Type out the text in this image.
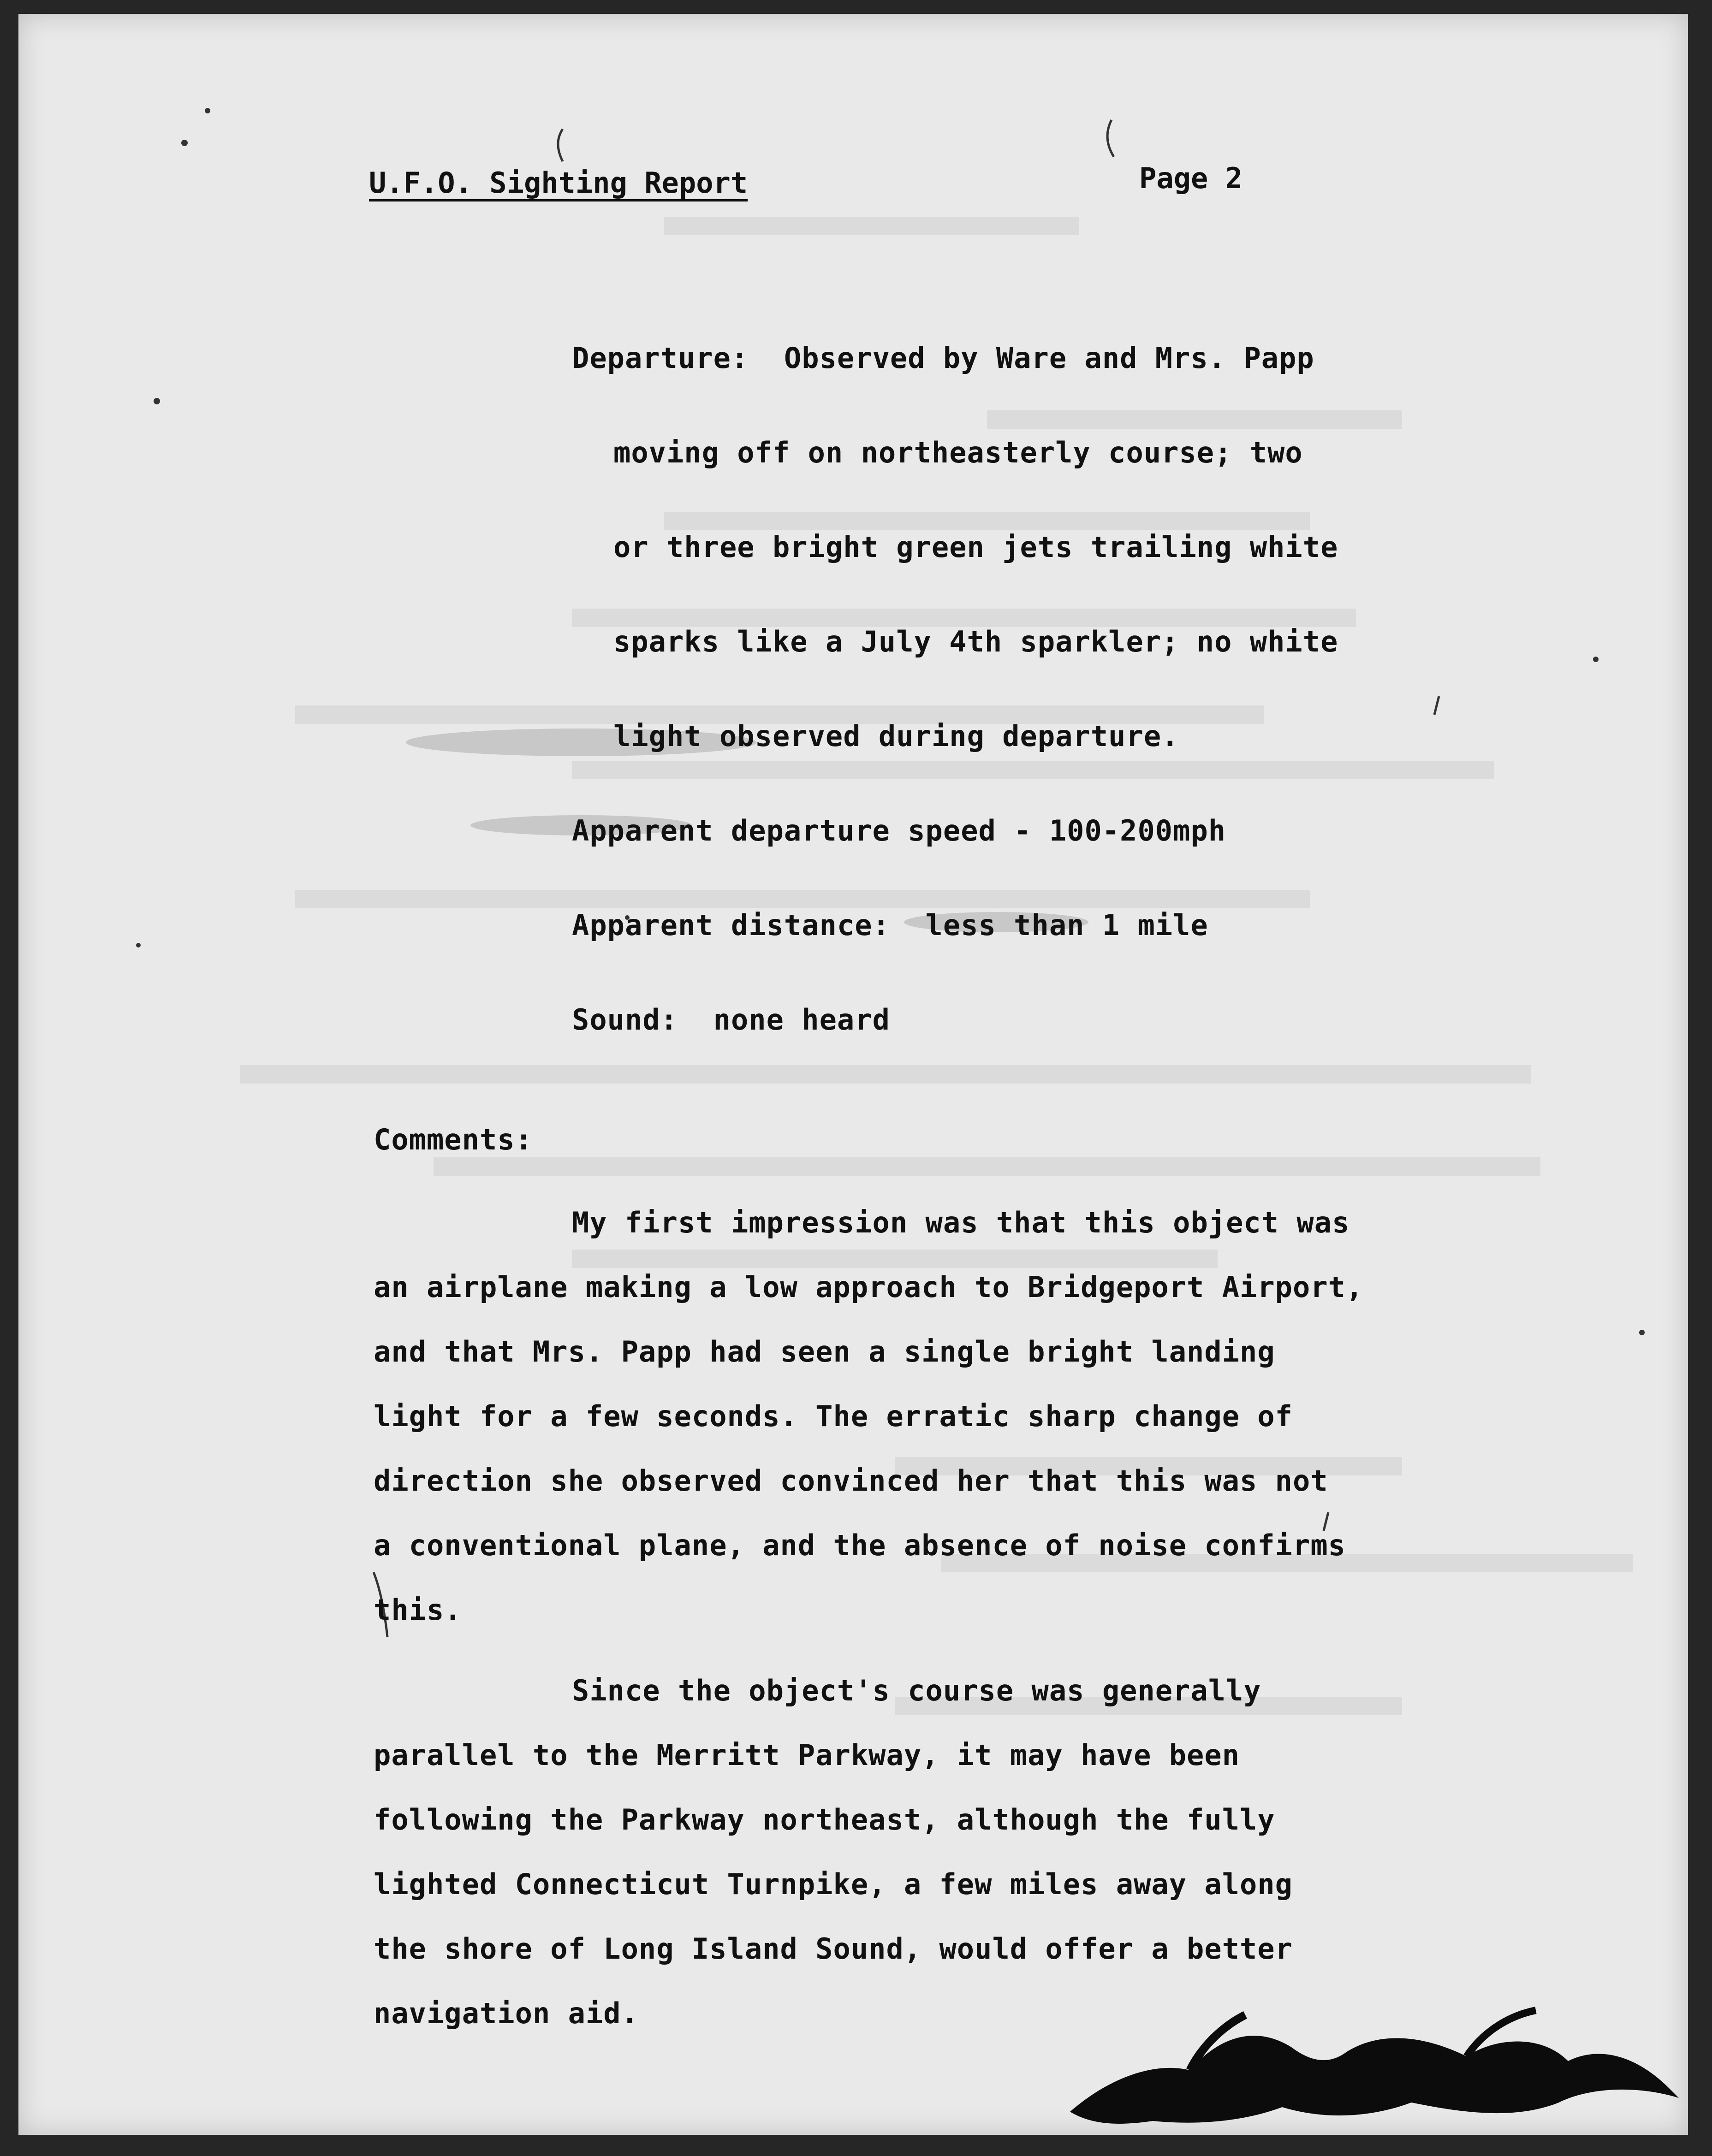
U.F.O. Sighting Report	Page 2
Departure: Observed by Ware and Mrs. Papp
moving off on northeasterly course; two
or three bright green jets trailing white
sparks like a July 4th sparkler; no white
light observed during departure.
Apparent departure speed - 100-200mph
Apparent distance: less than 1 mile
Sound: none heard
Comments:
My first impression was that this object was
an airplane making a low approach to Bridgeport Airport,
and that Mrs. Papp had seen a single bright landing
light for a few seconds. The erratic sharp change of
direction she observed convinced her that this was not
a conventional plane, and the absence of noise confirms
this.
Since the object's course was generally
parallel to the Merritt Parkway, it may have been
following the Parkway northeast, although the fully
lighted Connecticut Turnpike, a few miles away along
the shore of Long Island Sound, would offer a better
navigation aid.
